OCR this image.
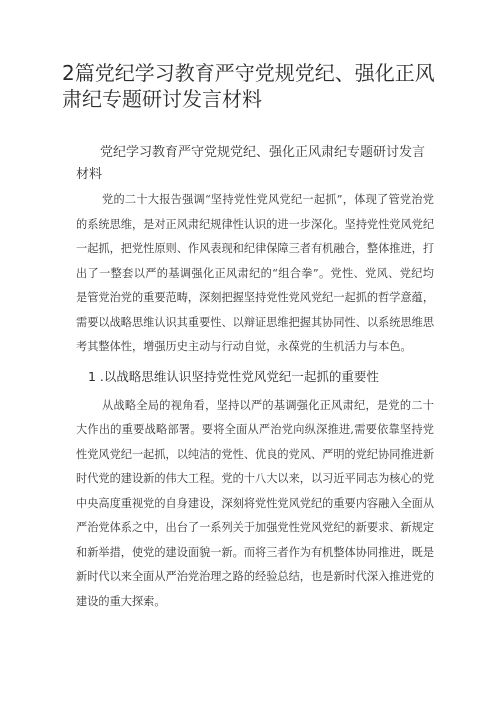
2篇党纪学习教育严守党规党纪、强化正风肃纪专题研讨发言材料

党纪学习教育严守党规党纪、强化正风肃纪专题研讨发言材料

党的二十大报告强调“坚持党性党风党纪一起抓”，体现了管党治党的系统思维，是对正风肃纪规律性认识的进一步深化。坚持党性党风党纪一起抓，把党性原则、作风表现和纪律保障三者有机融合，整体推进，打出了一整套以严的基调强化正风肃纪的“组合拳”。党性、党风、党纪均是管党治党的重要范畴，深刻把握坚持党性党风党纪一起抓的哲学意蕴，需要以战略思维认识其重要性、以辩证思维把握其协同性、以系统思维思考其整体性，增强历史主动与行动自觉，永葆党的生机活力与本色。

1 .以战略思维认识坚持党性党风党纪一起抓的重要性

从战略全局的视角看，坚持以严的基调强化正风肃纪，是党的二十大作出的重要战略部署。要将全面从严治党向纵深推进,需要依靠坚持党性党风党纪一起抓，以纯洁的党性、优良的党风、严明的党纪协同推进新时代党的建设新的伟大工程。党的十八大以来，以习近平同志为核心的党中央高度重视党的自身建设，深刻将党性党风党纪的重要内容融入全面从严治党体系之中，出台了一系列关于加强党性党风党纪的新要求、新规定和新举措，使党的建设面貌一新。而将三者作为有机整体协同推进，既是新时代以来全面从严治党治理之路的经验总结，也是新时代深入推进党的建设的重大探索。
